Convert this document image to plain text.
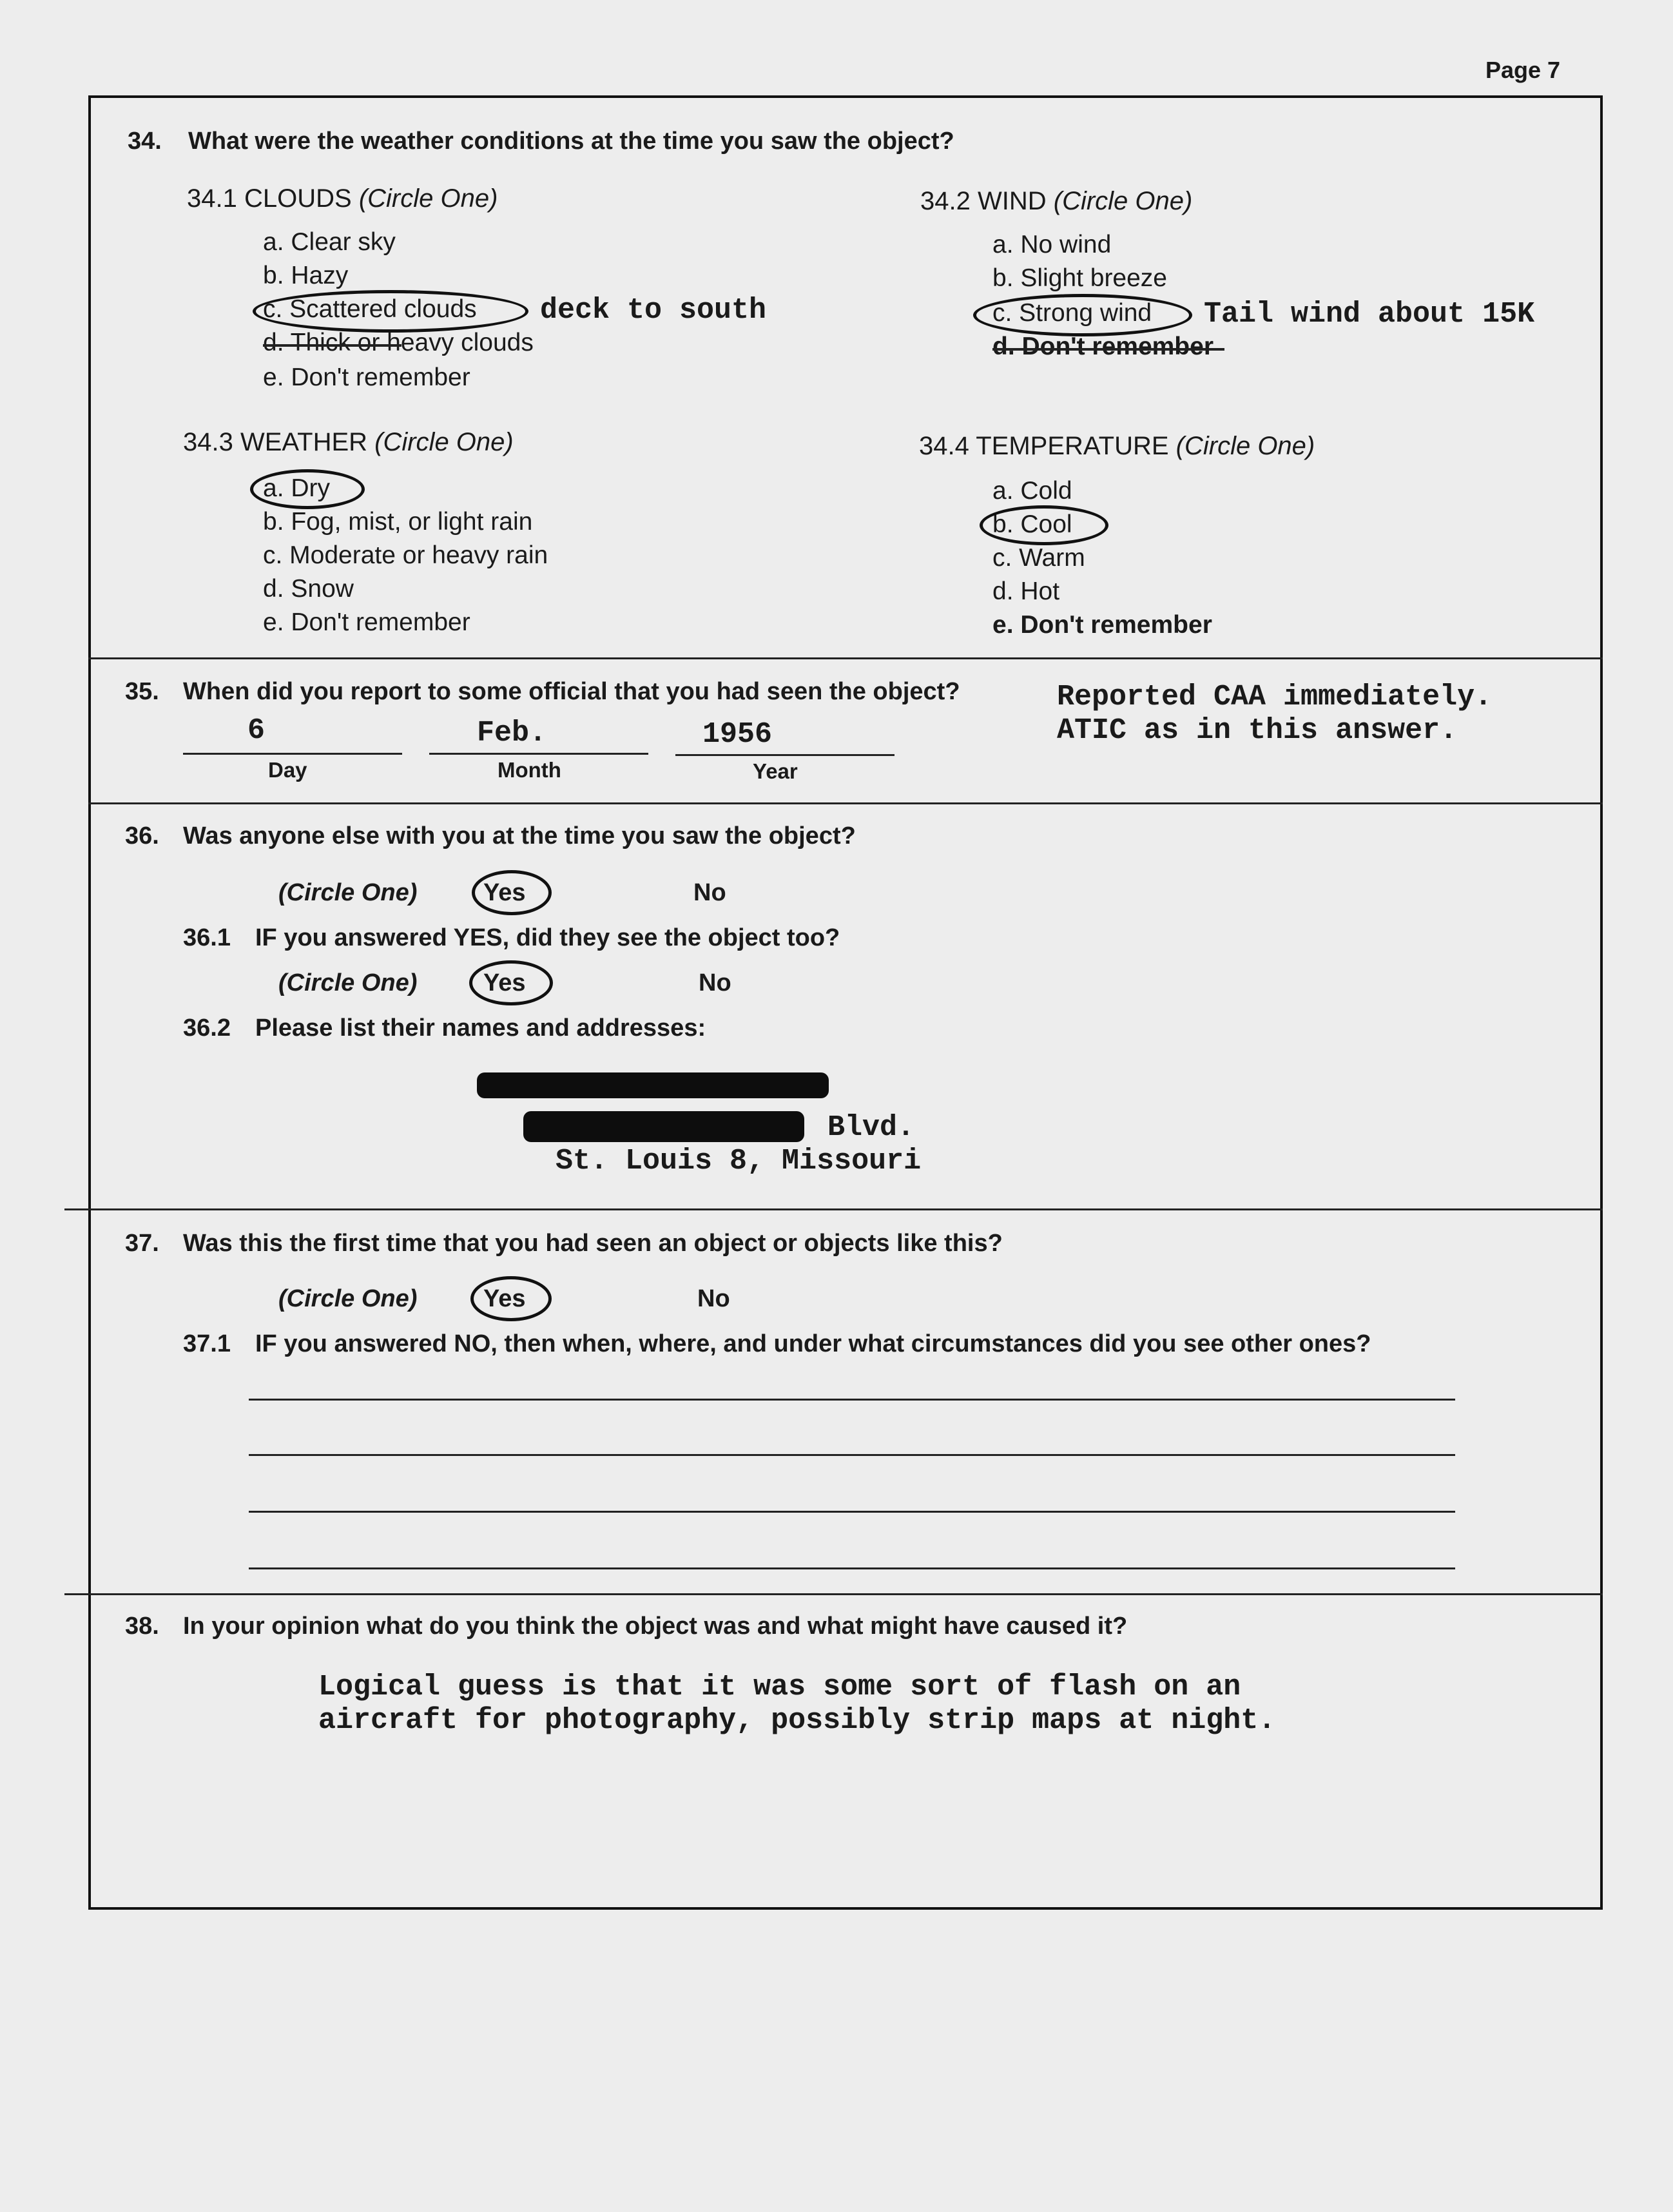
Page 7
34. What were the weather conditions at the time you saw the object?
34.1 CLOUDS (Circle One)
a. Clear sky
b. Hazy
c. Scattered clouds deck to south
d. Thick or heavy clouds
e. Don't remember
34.2 WIND (Circle One)
a. No wind
b. Slight breeze
c. Strong wind Tail wind about 15K
d. Don't remember
34.3 WEATHER (Circle One)
a. Dry
b. Fog, mist, or light rain
c. Moderate or heavy rain
d. Snow
e. Don't remember
34.4 TEMPERATURE (Circle One)
a. Cold
b. Cool
c. Warm
d. Hot
e. Don't remember
35. When did you report to some official that you had seen the object?	Reported CAA immediately.
ATIC as in this answer.
6
Day
Feb.
Month
1956
Year
36. Was anyone else with you at the time you saw the object?
(Circle One)	Yes	No
36.1 IF you answered YES, did they see the object too?
(Circle One)	Yes	No
36.2 Please list their names and addresses:
Blvd.
St. Louis 8, Missouri
37. Was this the first time that you had seen an object or objects like this?
(Circle One)	Yes	No
37.1 IF you answered NO, then when, where, and under what circumstances did you see other ones?
38. In your opinion what do you think the object was and what might have caused it?
Logical guess is that it was some sort of flash on an
aircraft for photography, possibly strip maps at night.
